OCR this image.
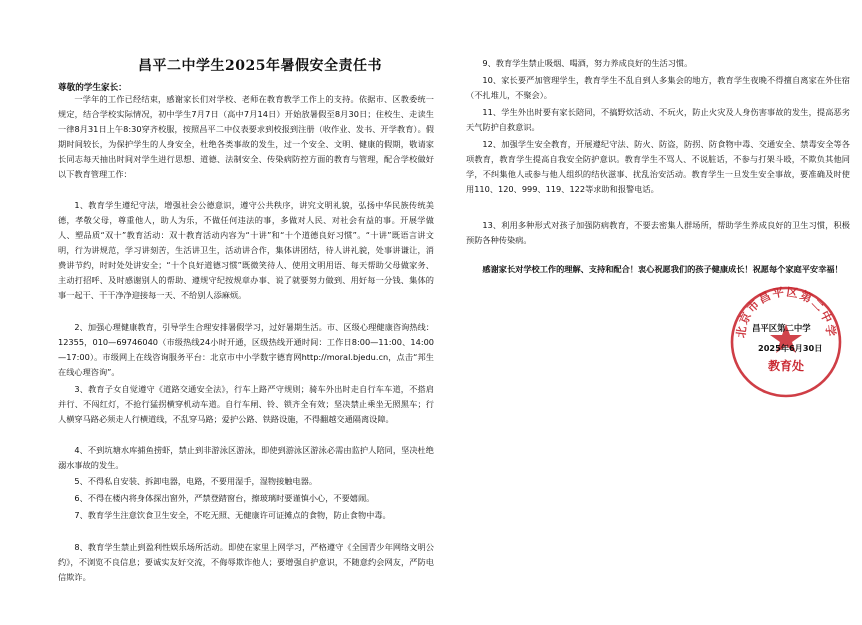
昌平二中学生2025年暑假安全责任书
尊敬的学生家长：

一学年的工作已经结束，感谢家长们对学校、老师在教育教学工作上的支持。依据市、区教委统一规定，结合学校实际情况，初中学生7月7日（高中7月14日）开始放暑假至8月30日；住校生、走读生一律8月31日上午8:30穿齐校服，按照昌平二中仪表要求到校报到注册（收作业、发书、开学教育）。假期时间较长，为保护学生的人身安全，杜绝各类事故的发生，过一个安全、文明、健康的假期，敬请家长同志每天抽出时间对学生进行思想、道德、法制安全、传染病防控方面的教育与管理，配合学校做好以下教育管理工作：

1、教育学生遵纪守法，增强社会公德意识，遵守公共秩序，讲究文明礼貌，弘扬中华民族传统美德，孝敬父母，尊重他人，助人为乐，不做任何违法的事，多做对人民、对社会有益的事。开展学做人、塑品质“双十”教育活动：双十教育活动内容为“十讲”和“十个道德良好习惯”。“十讲”既语言讲文明，行为讲规范，学习讲刻苦，生活讲卫生，活动讲合作，集体讲团结，待人讲礼貌，处事讲谦让，消费讲节约，时时处处讲安全；“十个良好道德习惯”既微笑待人、使用文明用语、每天帮助父母做家务、主动打招呼、及时感谢别人的帮助、遵规守纪按规章办事、说了就要努力做到、用好每一分钱、集体的事一起干、干干净净迎接每一天、不给别人添麻烦。

2、加强心理健康教育，引导学生合理安排暑假学习，过好暑期生活。市、区级心理健康咨询热线：12355，010—69746040（市级热线24小时开通，区级热线开通时间：工作日8:00—11:00、14:00—17:00）。市级网上在线咨询服务平台：北京市中小学数字德育网http://moral.bjedu.cn，点击“邦生在线心理咨询”。

3、教育子女自觉遵守《道路交通安全法》，行车上路严守规则；骑车外出时走自行车车道，不搭肩并行、不闯红灯，不抢行猛拐横穿机动车道。自行车闸、铃、锁齐全有效；坚决禁止乘坐无照黑车；行人横穿马路必须走人行横道线，不乱穿马路；爱护公路、铁路设施，不得翻越交通隔离设障。

4、不到坑塘水库捕鱼捞虾，禁止到非游泳区游泳，即使到游泳区游泳必需由监护人陪同，坚决杜绝溺水事故的发生。

5、不得私自安装、拆卸电器，电路，不要用湿手，湿物接触电器。

6、不得在楼内将身体探出窗外，严禁登踏窗台，擦玻璃时要谨慎小心，不要嬉闹。

7、教育学生注意饮食卫生安全，不吃无照、无健康许可证摊点的食物，防止食物中毒。

8、教育学生禁止到盈利性娱乐场所活动。即使在家里上网学习，严格遵守《全国青少年网络文明公约》，不浏览不良信息；要诚实友好交流，不侮辱欺诈他人；要增强自护意识，不随意约会网友，严防电信欺诈。

9、教育学生禁止吸烟、喝酒，努力养成良好的生活习惯。

10、家长要严加管理学生，教育学生不乱自到人多集会的地方，教育学生夜晚不得擅自离家在外住宿（不扎堆儿，不聚会）。

11、学生外出时要有家长陪同，不搞野炊活动、不玩火，防止火灾及人身伤害事故的发生，提高恶劣天气防护自救意识。

12、加强学生安全教育，开展遵纪守法、防火、防盗，防拐、防食物中毒、交通安全、禁毒安全等各项教育，教育学生提高自我安全防护意识。教育学生不骂人、不说脏话，不参与打架斗殴，不欺负其他同学，不纠集他人或参与他人组织的结伙滋事、扰乱治安活动。教育学生一旦发生安全事故，要准确及时使用110、120、999、119、122等求助和报警电话。

13、利用多种形式对孩子加强防病教育，不要去密集人群场所，帮助学生养成良好的卫生习惯，积极预防各种传染病。

感谢家长对学校工作的理解、支持和配合！衷心祝愿我们的孩子健康成长！祝愿每个家庭平安幸福！

北京市昌平区第二中学
昌平区第二中学
2025年6月30日
教育处
